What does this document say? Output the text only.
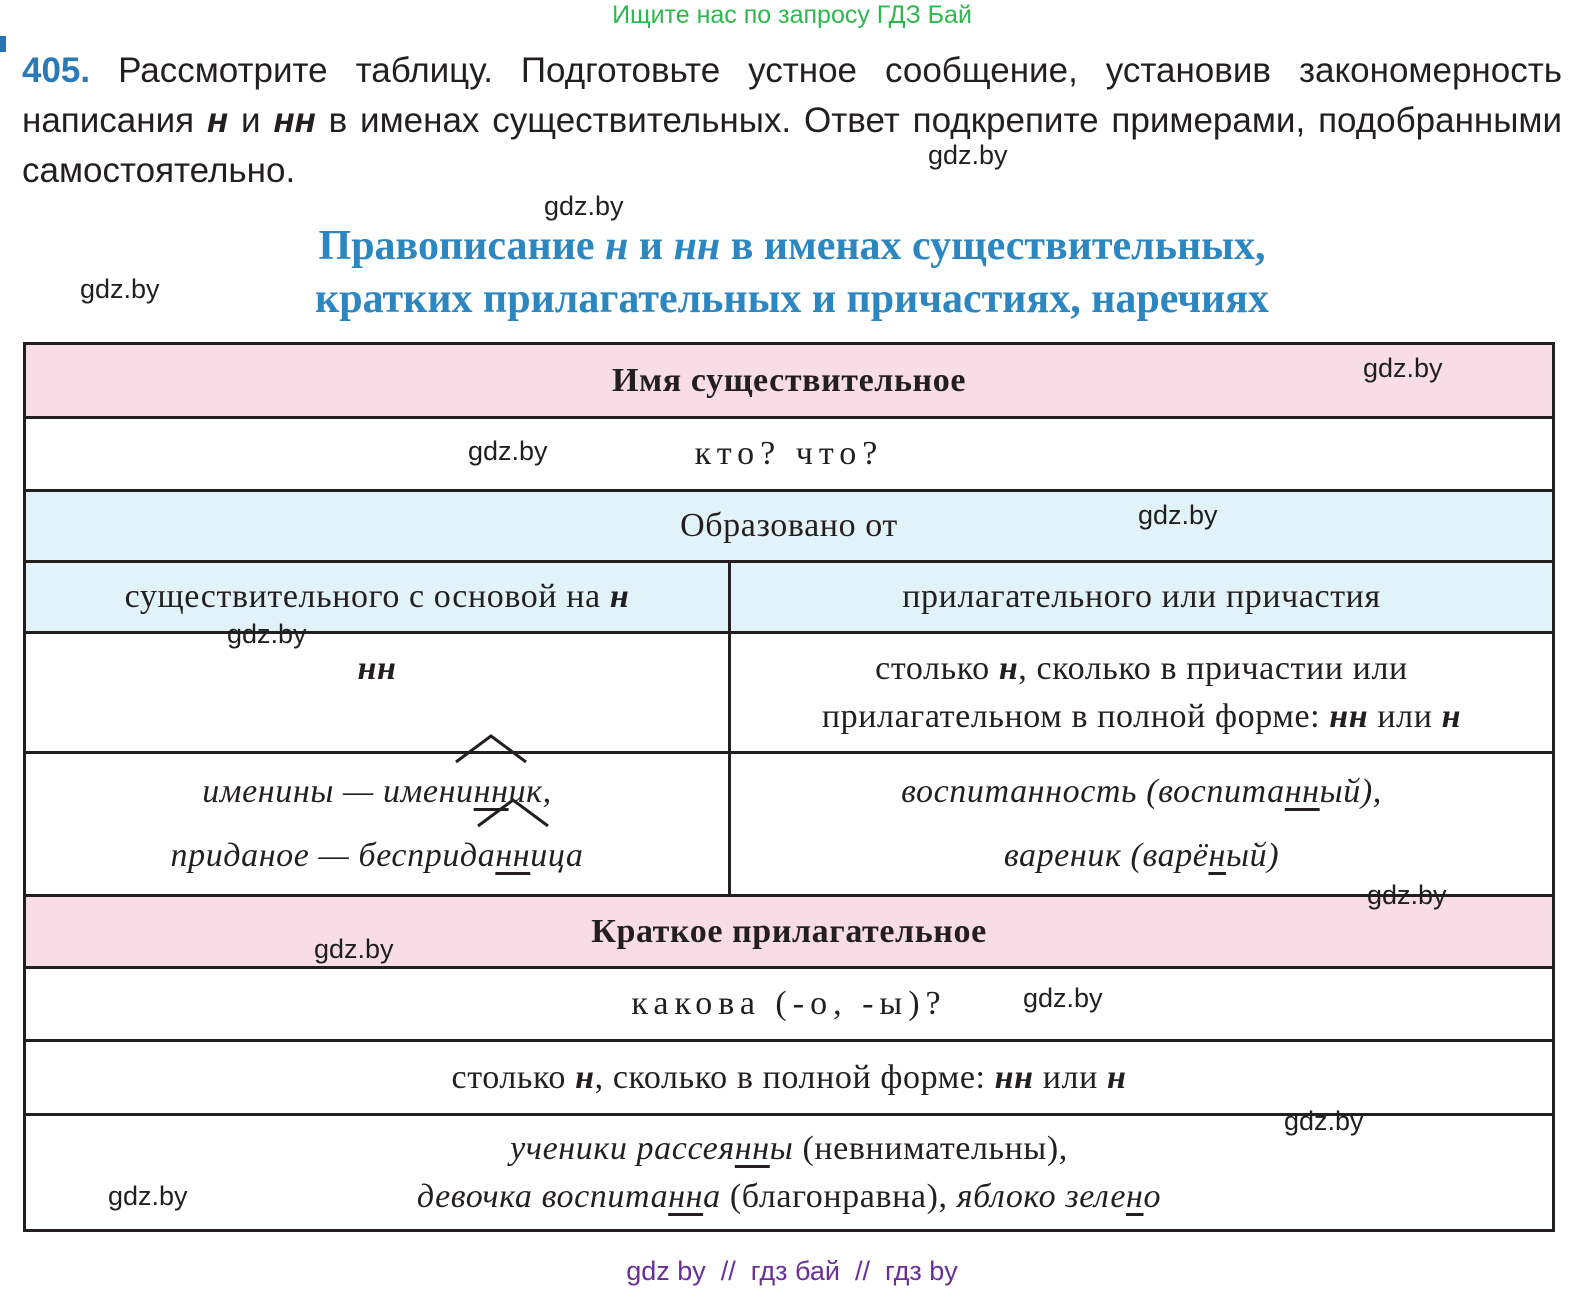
Ищите нас по запросу ГДЗ Бай
405. Рассмотрите таблицу. Подготовьте устное сообщение, установив закономерность написания н и нн в именах существительных. Ответ подкрепите примерами, подобранными самостоятельно.
Правописание н и нн в именах существительных,
кратких прилагательных и причастиях, наречиях
Имя существительное
кто? что?
Образовано от
существительного с основой на н	прилагательного или причастия
нн	столько н, сколько в причастии или прилагательном в полной форме: нн или н
именины — имени
нник,
приданое — бесприда
нница
воспитанность (воспитанный),
вареник (варёный)
Краткое прилагательное
какова (-о, -ы)?
столько н, сколько в полной форме: нн или н
ученики рассеянны (невнимательны),
девочка воспитанна (благонравна), яблоко зелено
gdz.by
gdz.by
gdz.by
gdz.by
gdz.by
gdz.by
gdz.by
gdz.by
gdz.by
gdz.by
gdz.by
gdz.by
gdz by  //  гдз бай  //  гдз by
